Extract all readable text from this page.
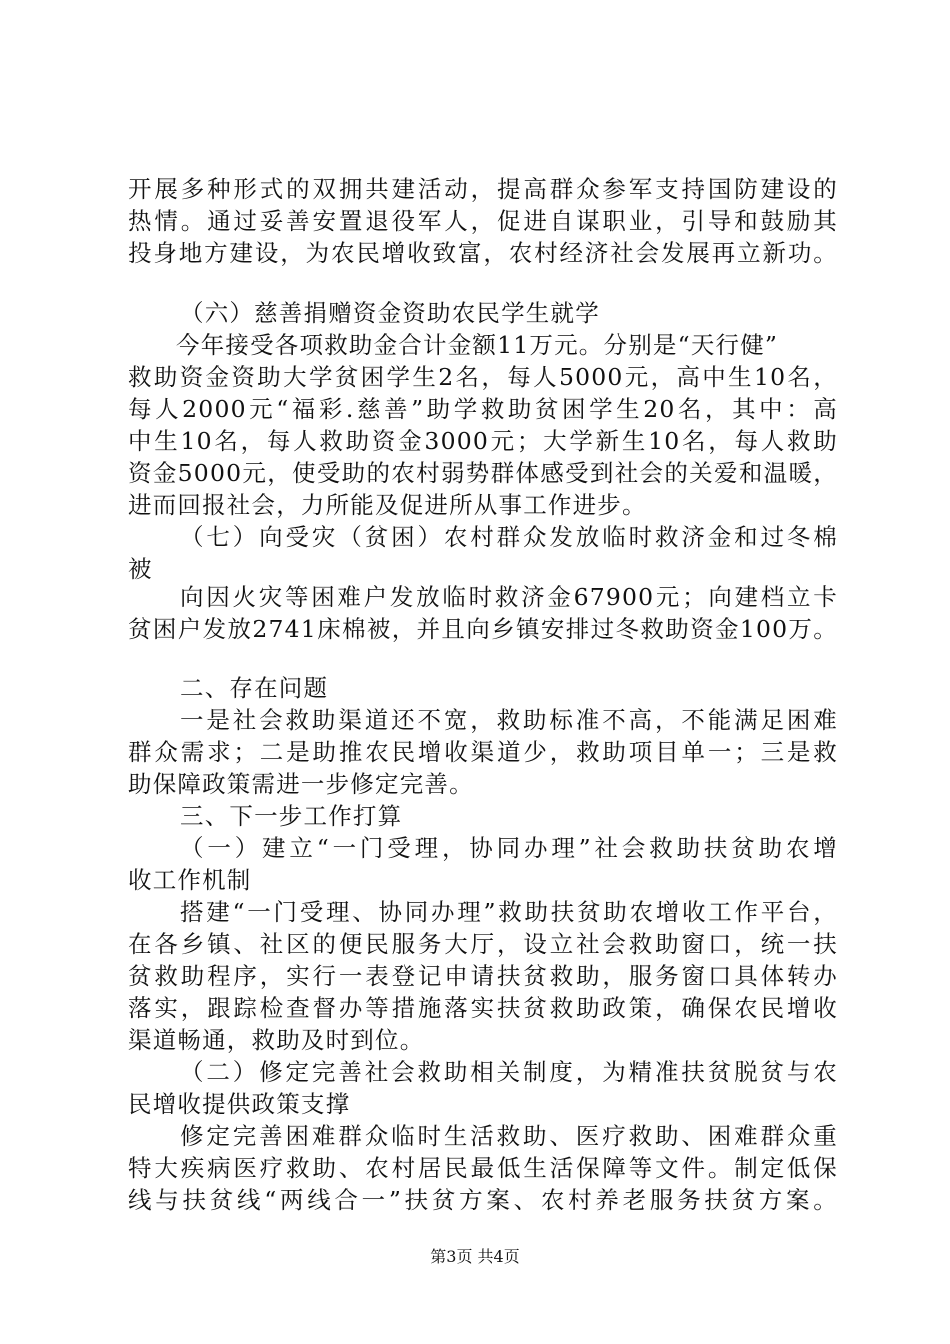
开展多种形式的双拥共建活动，提高群众参军支持国防建设的
热情。通过妥善安置退役军人，促进自谋职业，引导和鼓励其
投身地方建设，为农民增收致富，农村经济社会发展再立新功。
（六）慈善捐赠资金资助农民学生就学
今年接受各项救助金合计金额11万元。分别是“天行健”
救助资金资助大学贫困学生2名，每人5000元，高中生10名，
每人2000元“福彩.慈善”助学救助贫困学生20名，其中：高
中生10名，每人救助资金3000元；大学新生10名，每人救助
资金5000元，使受助的农村弱势群体感受到社会的关爱和温暖，
进而回报社会，力所能及促进所从事工作进步。
（七）向受灾（贫困）农村群众发放临时救济金和过冬棉
被
向因火灾等困难户发放临时救济金67900元；向建档立卡
贫困户发放2741床棉被，并且向乡镇安排过冬救助资金100万。
二、存在问题
一是社会救助渠道还不宽，救助标准不高，不能满足困难
群众需求；二是助推农民增收渠道少，救助项目单一；三是救
助保障政策需进一步修定完善。
三、下一步工作打算
（一）建立“一门受理，协同办理”社会救助扶贫助农增
收工作机制
搭建“一门受理、协同办理”救助扶贫助农增收工作平台，
在各乡镇、社区的便民服务大厅，设立社会救助窗口，统一扶
贫救助程序，实行一表登记申请扶贫救助，服务窗口具体转办
落实，跟踪检查督办等措施落实扶贫救助政策，确保农民增收
渠道畅通，救助及时到位。
（二）修定完善社会救助相关制度，为精准扶贫脱贫与农
民增收提供政策支撑
修定完善困难群众临时生活救助、医疗救助、困难群众重
特大疾病医疗救助、农村居民最低生活保障等文件。制定低保
线与扶贫线“两线合一”扶贫方案、农村养老服务扶贫方案。
第3页 共4页
